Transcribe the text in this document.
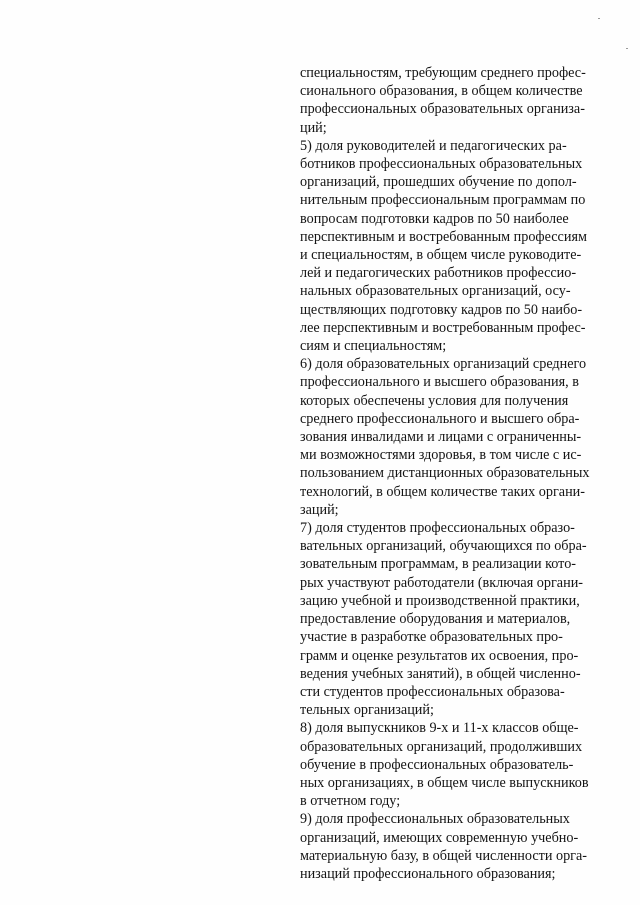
специальностям, требующим среднего профес-
сионального образования, в общем количестве
профессиональных образовательных организа-
ций;

5) доля руководителей и педагогических ра-
ботников профессиональных образовательных
организаций, прошедших обучение по допол-
нительным профессиональным программам по
вопросам подготовки кадров по 50 наиболее
перспективным и востребованным профессиям
и специальностям, в общем числе руководите-
лей и педагогических работников профессио-
нальных образовательных организаций, осу-
ществляющих подготовку кадров по 50 наибо-
лее перспективным и востребованным профес-
сиям и специальностям;

6) доля образовательных организаций среднего
профессионального и высшего образования, в
которых обеспечены условия для получения
среднего профессионального и высшего обра-
зования инвалидами и лицами с ограниченны-
ми возможностями здоровья, в том числе с ис-
пользованием дистанционных образовательных
технологий, в общем количестве таких органи-
заций;

7) доля студентов профессиональных образо-
вательных организаций, обучающихся по обра-
зовательным программам, в реализации кото-
рых участвуют работодатели (включая органи-
зацию учебной и производственной практики,
предоставление оборудования и материалов,
участие в разработке образовательных про-
грамм и оценке результатов их освоения, про-
ведения учебных занятий), в общей численно-
сти студентов профессиональных образова-
тельных организаций;

8) доля выпускников 9-х и 11-х классов обще-
образовательных организаций, продолживших
обучение в профессиональных образователь-
ных организациях, в общем числе выпускников
в отчетном году;

9) доля профессиональных образовательных
организаций, имеющих современную учебно-
материальную базу, в общей численности орга-
низаций профессионального образования;
